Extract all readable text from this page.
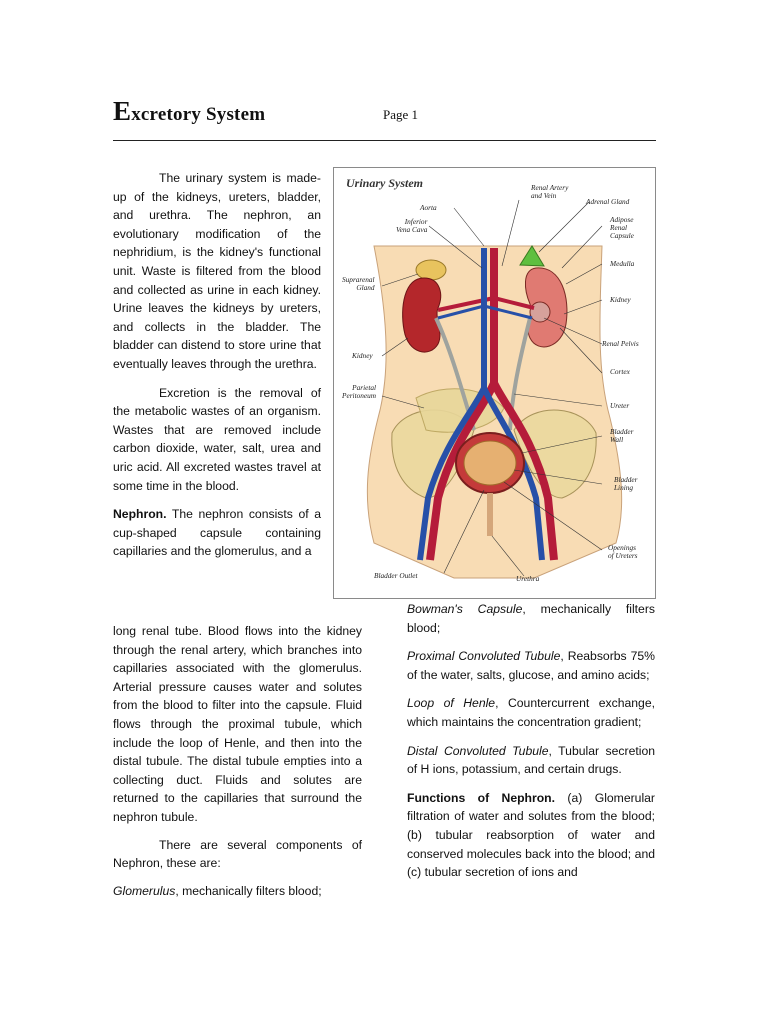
Excretory System	Page 1

The urinary system is made-up of the kidneys, ureters, bladder, and urethra. The nephron, an evolutionary modification of the nephridium, is the kidney's functional unit. Waste is filtered from the blood and collected as urine in each kidney. Urine leaves the kidneys by ureters, and collects in the bladder. The bladder can distend to store urine that eventually leaves through the urethra.

Excretion is the removal of the metabolic wastes of an organism. Wastes that are removed include carbon dioxide, water, salt, urea and uric acid. All excreted wastes travel at some time in the blood.

Nephron. The nephron consists of a cup-shaped capsule containing capillaries and the glomerulus, and a

long renal tube. Blood flows into the kidney through the renal artery, which branches into capillaries associated with the glomerulus. Arterial pressure causes water and solutes from the blood to filter into the capsule. Fluid flows through the proximal tubule, which include the loop of Henle, and then into the distal tubule. The distal tubule empties into a collecting duct. Fluids and solutes are returned to the capillaries that surround the nephron tubule.

There are several components of Nephron, these are:

Glomerulus, mechanically filters blood;

Bowman's Capsule, mechanically filters blood;

Proximal Convoluted Tubule, Reabsorbs 75% of the water, salts, glucose, and amino acids;

Loop of Henle, Countercurrent exchange, which maintains the concentration gradient;

Distal Convoluted Tubule, Tubular secretion of H ions, potassium, and certain drugs.

Functions of Nephron. (a) Glomerular filtration of water and solutes from the blood; (b) tubular reabsorption of water and conserved molecules back into the blood; and (c) tubular secretion of ions and

Urinary System
Aorta
Inferior
Vena Cava
Renal Artery
and Vein
Adrenal Gland
Adipose
Renal
Capsule
Suprarenal
Gland
Medulla
Kidney
Kidney
Renal Pelvis
Cortex
Parietal
Peritoneum
Ureter
Bladder
Wall
Bladder
Lining
Openings
of Ureters
Bladder Outlet	Urethra
